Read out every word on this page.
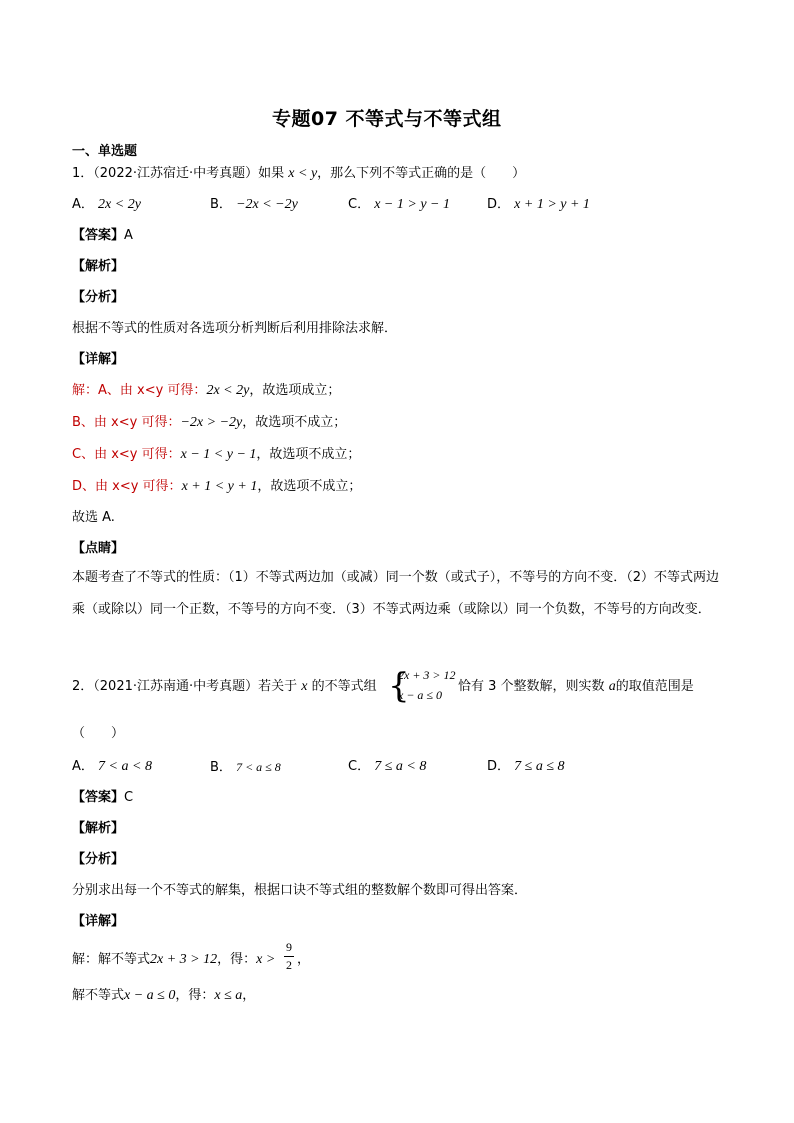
专题07 不等式与不等式组
一、单选题
1．（2022·江苏宿迁·中考真题）如果 x < y，那么下列不等式正确的是（　　）
A． 2x < 2y	B． −2x < −2y	C． x − 1 > y − 1	D． x + 1 > y + 1
【答案】A
【解析】
【分析】
根据不等式的性质对各选项分析判断后利用排除法求解．
【详解】
解：A、由 x<y 可得：2x < 2y，故选项成立；
B、由 x<y 可得：−2x > −2y，故选项不成立；
C、由 x<y 可得：x − 1 < y − 1，故选项不成立；
D、由 x<y 可得：x + 1 < y + 1，故选项不成立；
故选 A.
【点睛】
本题考查了不等式的性质：（1）不等式两边加（或减）同一个数（或式子），不等号的方向不变．（2）不等式两边乘（或除以）同一个正数，不等号的方向不变．（3）不等式两边乘（或除以）同一个负数，不等号的方向改变．
2．（2021·江苏南通·中考真题）若关于 x 的不等式组 {
2x + 3 > 12
x − a ≤ 0
恰有 3 个整数解，则实数 a的取值范围是
（　　）
A． 7 < a < 8	B． 7 < a ≤ 8	C． 7 ≤ a < 8	D． 7 ≤ a ≤ 8
【答案】C
【解析】
【分析】
分别求出每一个不等式的解集，根据口诀不等式组的整数解个数即可得出答案．
【详解】
解：解不等式2x + 3 > 12，得：x >
9
2 ，
解不等式x − a ≤ 0，得：x ≤ a，
